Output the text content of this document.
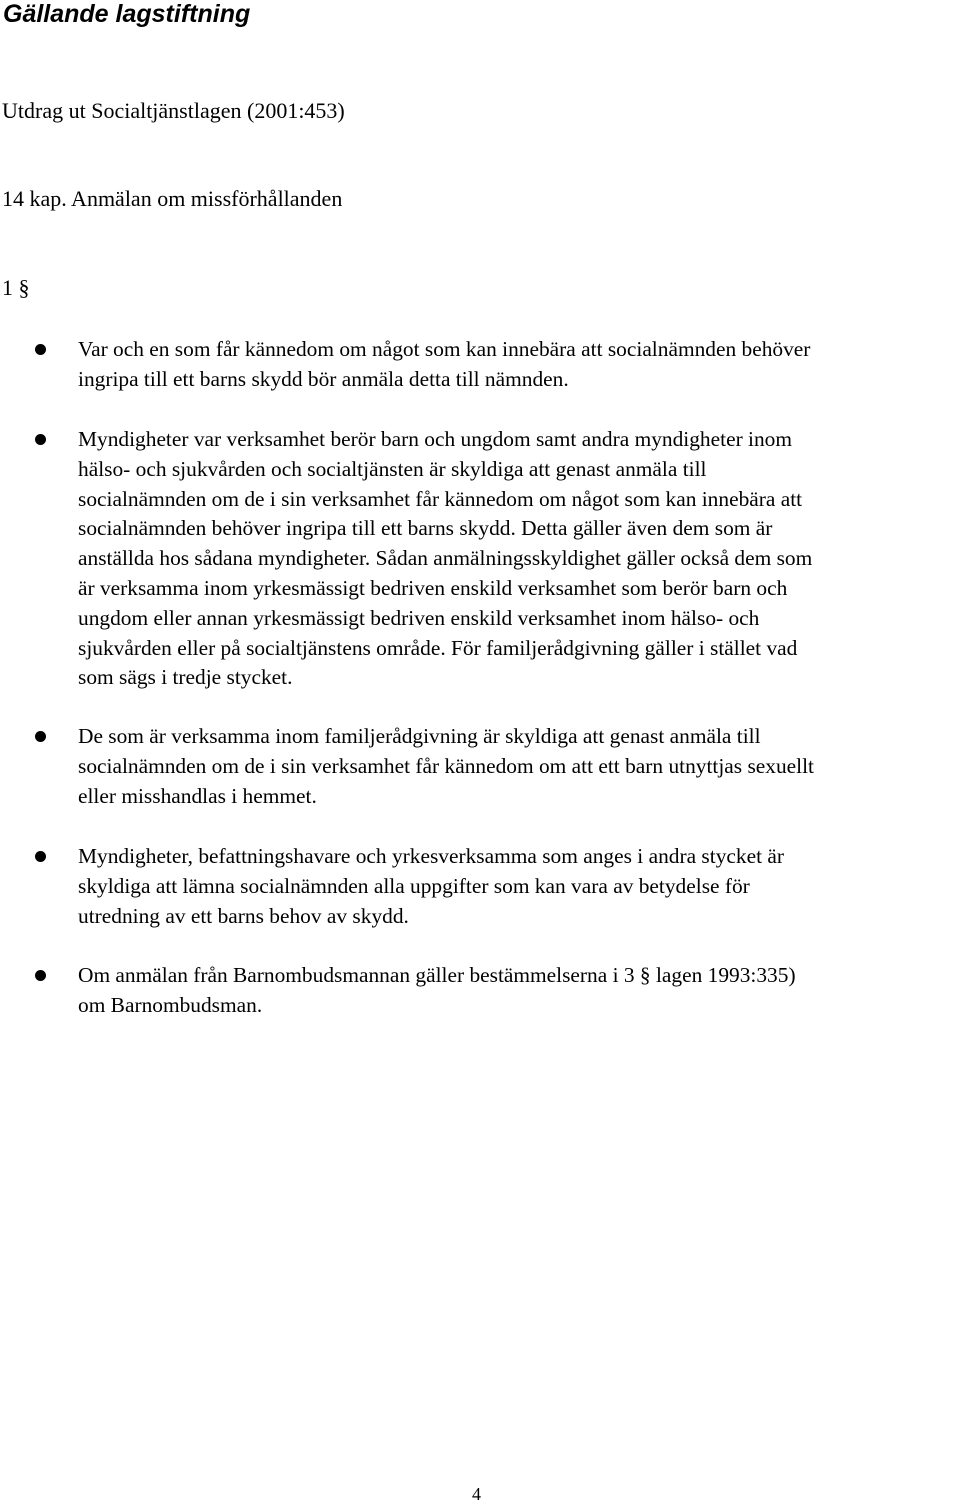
Gällande lagstiftning

Utdrag ut Socialtjänstlagen (2001:453)

14 kap. Anmälan om missförhållanden

1 §

Var och en som får kännedom om något som kan innebära att socialnämnden behöver
ingripa till ett barns skydd bör anmäla detta till nämnden.
Myndigheter var verksamhet berör barn och ungdom samt andra myndigheter inom
hälso- och sjukvården och socialtjänsten är skyldiga att genast anmäla till
socialnämnden om de i sin verksamhet får kännedom om något som kan innebära att
socialnämnden behöver ingripa till ett barns skydd. Detta gäller även dem som är
anställda hos sådana myndigheter. Sådan anmälningsskyldighet gäller också dem som
är verksamma inom yrkesmässigt bedriven enskild verksamhet som berör barn och
ungdom eller annan yrkesmässigt bedriven enskild verksamhet inom hälso- och
sjukvården eller på socialtjänstens område. För familjerådgivning gäller i stället vad
som sägs i tredje stycket.
De som är verksamma inom familjerådgivning är skyldiga att genast anmäla till
socialnämnden om de i sin verksamhet får kännedom om att ett barn utnyttjas sexuellt
eller misshandlas i hemmet.
Myndigheter, befattningshavare och yrkesverksamma som anges i andra stycket är
skyldiga att lämna socialnämnden alla uppgifter som kan vara av betydelse för
utredning av ett barns behov av skydd.
Om anmälan från Barnombudsmannan gäller bestämmelserna i 3 § lagen 1993:335)
om Barnombudsman.
4
